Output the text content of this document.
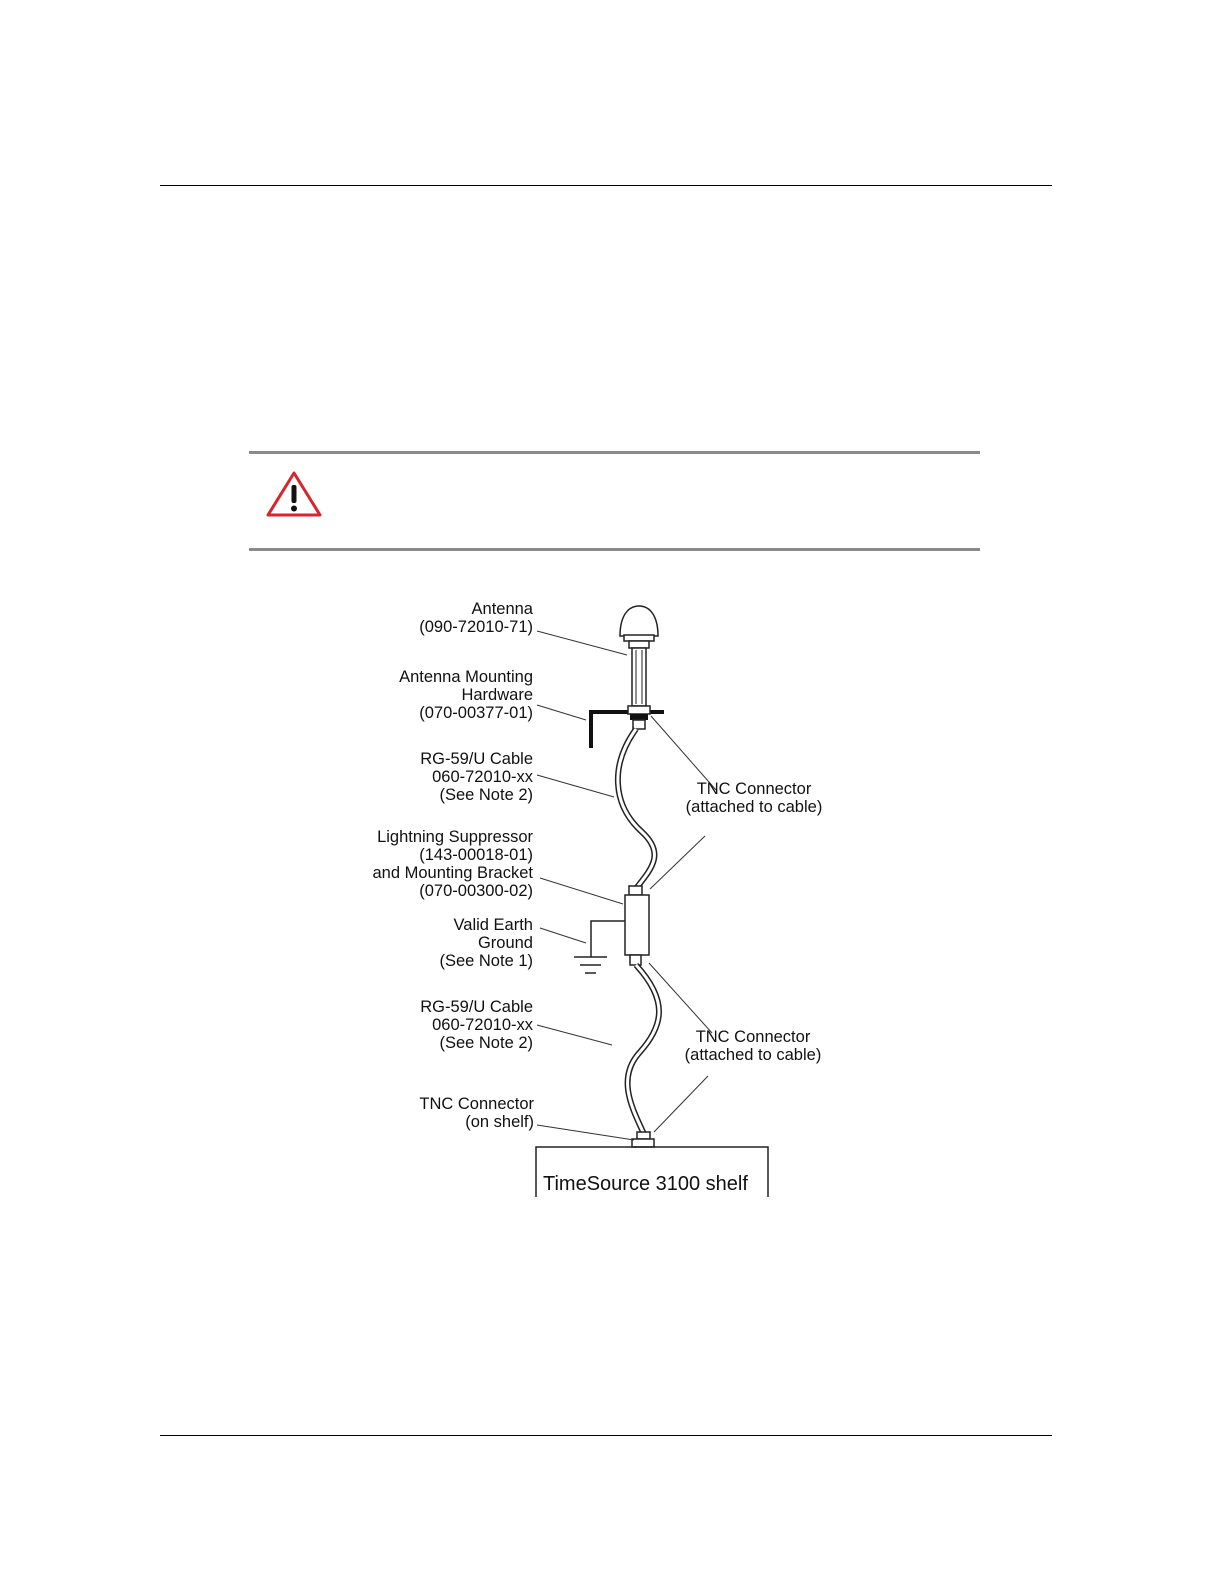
TimeSource 3100 shelf
Antenna
(090-72010-71)
Antenna Mounting
Hardware
(070-00377-01)
RG-59/U Cable
060-72010-xx
(See Note 2)
Lightning Suppressor
(143-00018-01)
and Mounting Bracket
(070-00300-02)
Valid Earth
Ground
(See Note 1)
RG-59/U Cable
060-72010-xx
(See Note 2)
TNC Connector
(on shelf)
TNC Connector
(attached to cable)
TNC Connector
(attached to cable)
